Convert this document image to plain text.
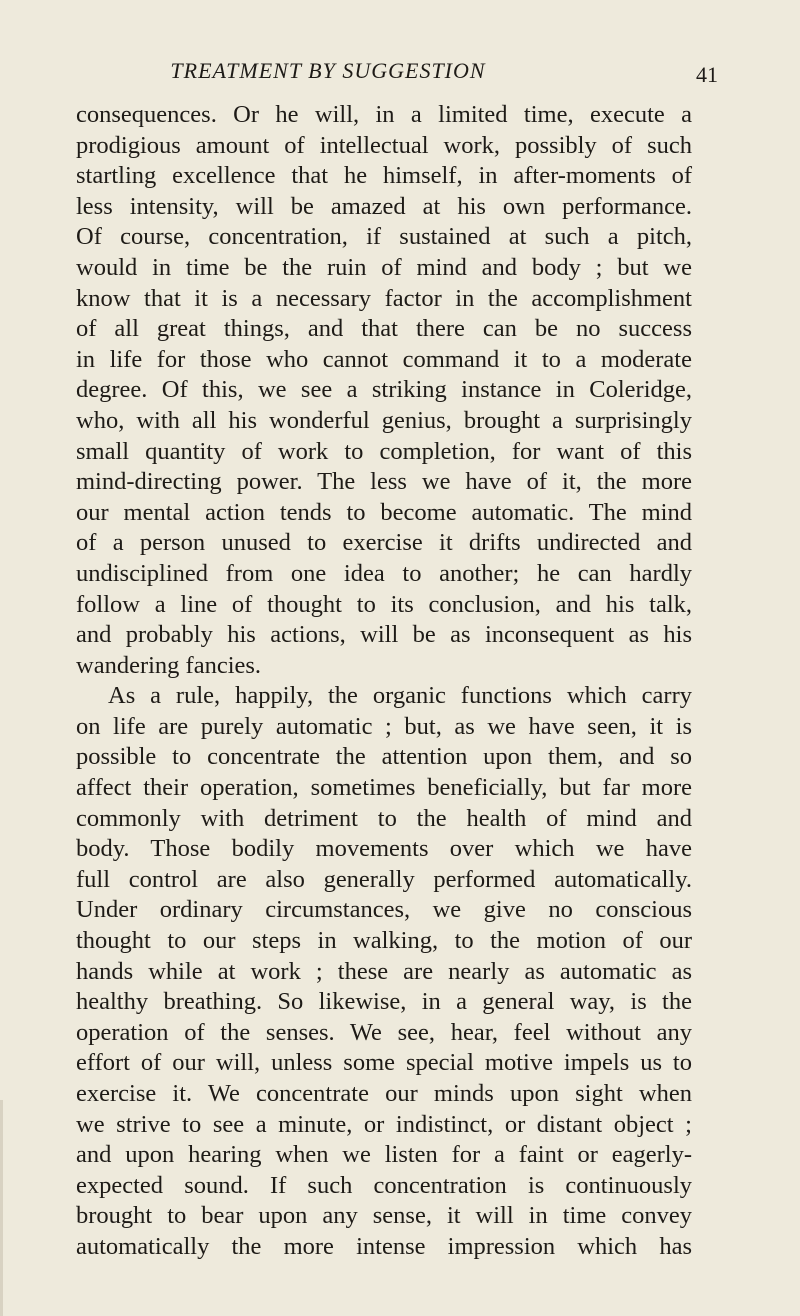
TREATMENT BY SUGGESTION	41
consequences. Or he will, in a limited time, execute a
prodigious amount of intellectual work, possibly of such
startling excellence that he himself, in after-moments of
less intensity, will be amazed at his own performance.
Of course, concentration, if sustained at such a pitch,
would in time be the ruin of mind and body ; but we
know that it is a necessary factor in the accomplishment
of all great things, and that there can be no success
in life for those who cannot command it to a moderate
degree. Of this, we see a striking instance in Coleridge,
who, with all his wonderful genius, brought a surprisingly
small quantity of work to completion, for want of this
mind-directing power. The less we have of it, the more
our mental action tends to become automatic. The mind
of a person unused to exercise it drifts undirected and
undisciplined from one idea to another; he can hardly
follow a line of thought to its conclusion, and his talk,
and probably his actions, will be as inconsequent as his
wandering fancies.
As a rule, happily, the organic functions which carry
on life are purely automatic ; but, as we have seen, it is
possible to concentrate the attention upon them, and so
affect their operation, sometimes beneficially, but far more
commonly with detriment to the health of mind and
body. Those bodily movements over which we have
full control are also generally performed automatically.
Under ordinary circumstances, we give no conscious
thought to our steps in walking, to the motion of our
hands while at work ; these are nearly as automatic as
healthy breathing. So likewise, in a general way, is the
operation of the senses. We see, hear, feel without any
effort of our will, unless some special motive impels us to
exercise it. We concentrate our minds upon sight when
we strive to see a minute, or indistinct, or distant object ;
and upon hearing when we listen for a faint or eagerly-
expected sound. If such concentration is continuously
brought to bear upon any sense, it will in time convey
automatically the more intense impression which has
